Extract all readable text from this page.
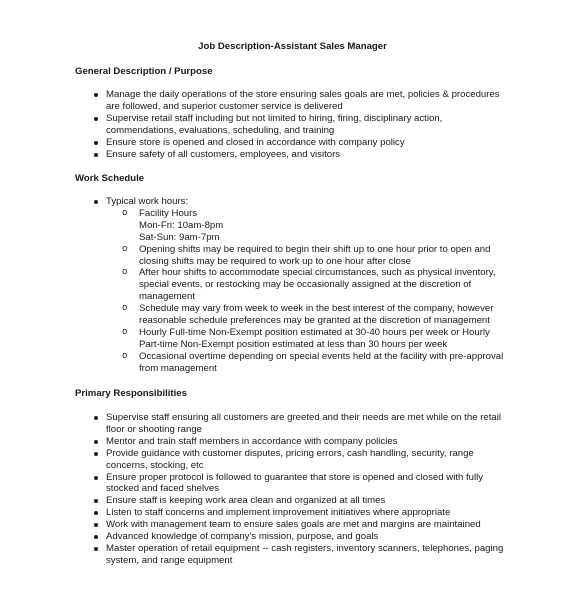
Job Description-Assistant Sales Manager
General Description / Purpose
Manage the daily operations of the store ensuring sales goals are met, policies & procedures are followed, and superior customer service is delivered
Supervise retail staff including but not limited to hiring, firing, disciplinary action, commendations, evaluations, scheduling, and training
Ensure store is opened and closed in accordance with company policy
Ensure safety of all customers, employees, and visitors
Work Schedule
Typical work hours:
o Facility Hours
Mon-Fri: 10am-8pm
Sat-Sun: 9am-7pm
o Opening shifts may be required to begin their shift up to one hour prior to open and closing shifts may be required to work up to one hour after close
o After hour shifts to accommodate special circumstances, such as physical inventory, special events, or restocking may be occasionally assigned at the discretion of management
o Schedule may vary from week to week in the best interest of the company, however reasonable schedule preferences may be granted at the discretion of management
o Hourly Full-time Non-Exempt position estimated at 30-40 hours per week or Hourly Part-time Non-Exempt position estimated at less than 30 hours per week
o Occasional overtime depending on special events held at the facility with pre-approval from management
Primary Responsibilities
Supervise staff ensuring all customers are greeted and their needs are met while on the retail floor or shooting range
Mentor and train staff members in accordance with company policies
Provide guidance with customer disputes, pricing errors, cash handling, security, range concerns, stocking, etc
Ensure proper protocol is followed to guarantee that store is opened and closed with fully stocked and faced shelves
Ensure staff is keeping work area clean and organized at all times
Listen to staff concerns and implement improvement initiatives where appropriate
Work with management team to ensure sales goals are met and margins are maintained
Advanced knowledge of company’s mission, purpose, and goals
Master operation of retail equipment -- cash registers, inventory scanners, telephones, paging system, and range equipment
